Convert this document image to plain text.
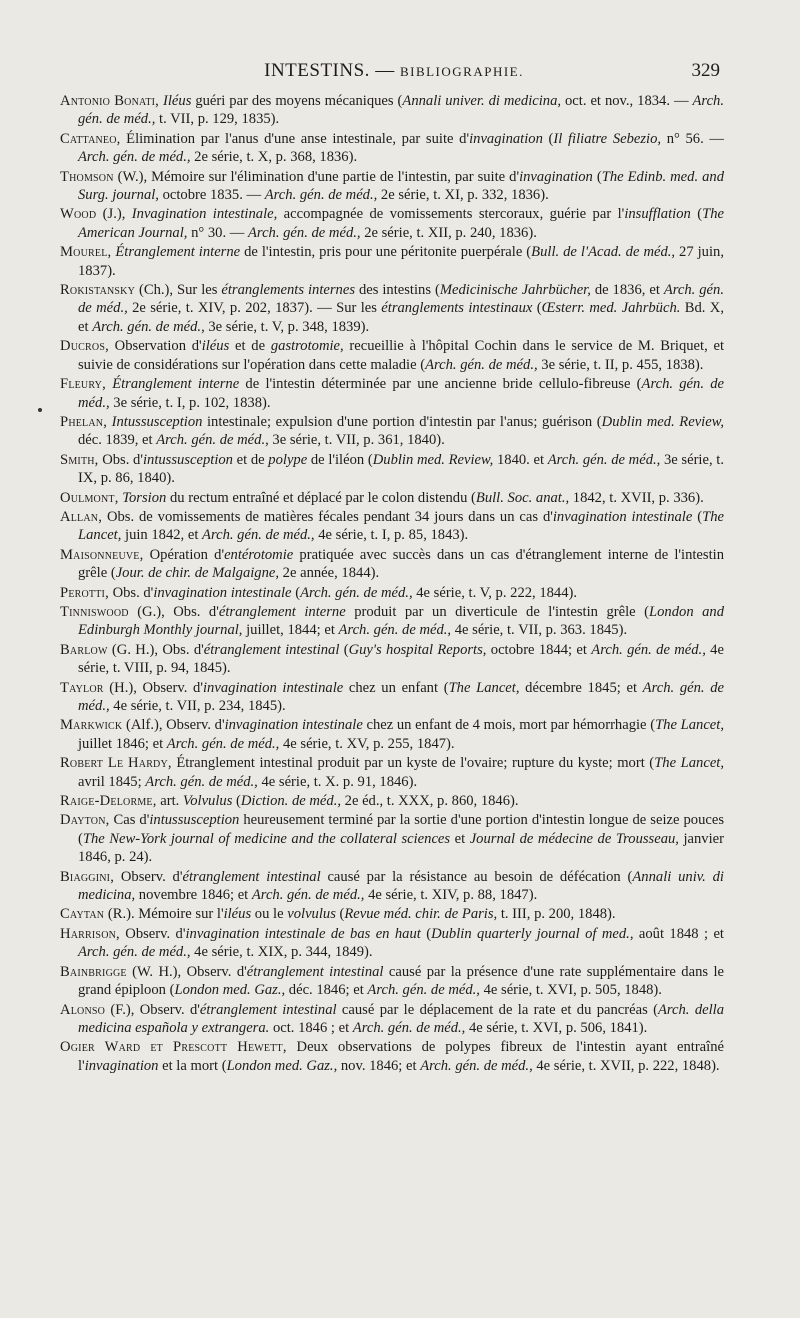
INTESTINS. — BIBLIOGRAPHIE.	329

Antonio Bonati, Iléus guéri par des moyens mécaniques (Annali univer. di medicina, oct. et nov., 1834. — Arch. gén. de méd., t. VII, p. 129, 1835).

Cattaneo, Élimination par l'anus d'une anse intestinale, par suite d'invagination (Il filiatre Sebezio, n° 56. — Arch. gén. de méd., 2e série, t. X, p. 368, 1836).

Thomson (W.), Mémoire sur l'élimination d'une partie de l'intestin, par suite d'invagination (The Edinb. med. and Surg. journal, octobre 1835. — Arch. gén. de méd., 2e série, t. XI, p. 332, 1836).

Wood (J.), Invagination intestinale, accompagnée de vomissements stercoraux, guérie par l'insufflation (The American Journal, n° 30. — Arch. gén. de méd., 2e série, t. XII, p. 240, 1836).

Mourel, Étranglement interne de l'intestin, pris pour une péritonite puerpérale (Bull. de l'Acad. de méd., 27 juin, 1837).

Rokistansky (Ch.), Sur les étranglements internes des intestins (Medicinische Jahrbücher, de 1836, et Arch. gén. de méd., 2e série, t. XIV, p. 202, 1837). — Sur les étranglements intestinaux (Œsterr. med. Jahrbüch. Bd. X, et Arch. gén. de méd., 3e série, t. V, p. 348, 1839).

Ducros, Observation d'iléus et de gastrotomie, recueillie à l'hôpital Cochin dans le service de M. Briquet, et suivie de considérations sur l'opération dans cette maladie (Arch. gén. de méd., 3e série, t. II, p. 455, 1838).

Fleury, Étranglement interne de l'intestin déterminée par une ancienne bride cellulo-fibreuse (Arch. gén. de méd., 3e série, t. I, p. 102, 1838).

Phelan, Intussusception intestinale; expulsion d'une portion d'intestin par l'anus; guérison (Dublin med. Review, déc. 1839, et Arch. gén. de méd., 3e série, t. VII, p. 361, 1840).

Smith, Obs. d'intussusception et de polype de l'iléon (Dublin med. Review, 1840. et Arch. gén. de méd., 3e série, t. IX, p. 86, 1840).

Oulmont, Torsion du rectum entraîné et déplacé par le colon distendu (Bull. Soc. anat., 1842, t. XVII, p. 336).

Allan, Obs. de vomissements de matières fécales pendant 34 jours dans un cas d'invagination intestinale (The Lancet, juin 1842, et Arch. gén. de méd., 4e série, t. I, p. 85, 1843).

Maisonneuve, Opération d'entérotomie pratiquée avec succès dans un cas d'étranglement interne de l'intestin grêle (Jour. de chir. de Malgaigne, 2e année, 1844).

Perotti, Obs. d'invagination intestinale (Arch. gén. de méd., 4e série, t. V, p. 222, 1844).

Tinniswood (G.), Obs. d'étranglement interne produit par un diverticule de l'intestin grêle (London and Edinburgh Monthly journal, juillet, 1844; et Arch. gén. de méd., 4e série, t. VII, p. 363. 1845).

Barlow (G. H.), Obs. d'étranglement intestinal (Guy's hospital Reports, octobre 1844; et Arch. gén. de méd., 4e série, t. VIII, p. 94, 1845).

Taylor (H.), Observ. d'invagination intestinale chez un enfant (The Lancet, décembre 1845; et Arch. gén. de méd., 4e série, t. VII, p. 234, 1845).

Markwick (Alf.), Observ. d'invagination intestinale chez un enfant de 4 mois, mort par hémorrhagie (The Lancet, juillet 1846; et Arch. gén. de méd., 4e série, t. XV, p. 255, 1847).

Robert Le Hardy, Étranglement intestinal produit par un kyste de l'ovaire; rupture du kyste; mort (The Lancet, avril 1845; Arch. gén. de méd., 4e série, t. X. p. 91, 1846).

Raige-Delorme, art. Volvulus (Diction. de méd., 2e éd., t. XXX, p. 860, 1846).

Dayton, Cas d'intussusception heureusement terminé par la sortie d'une portion d'intestin longue de seize pouces (The New-York journal of medicine and the collateral sciences et Journal de médecine de Trousseau, janvier 1846, p. 24).

Biaggini, Observ. d'étranglement intestinal causé par la résistance au besoin de défécation (Annali univ. di medicina, novembre 1846; et Arch. gén. de méd., 4e série, t. XIV, p. 88, 1847).

Caytan (R.). Mémoire sur l'iléus ou le volvulus (Revue méd. chir. de Paris, t. III, p. 200, 1848).

Harrison, Observ. d'invagination intestinale de bas en haut (Dublin quarterly journal of med., août 1848 ; et Arch. gén. de méd., 4e série, t. XIX, p. 344, 1849).

Bainbrigge (W. H.), Observ. d'étranglement intestinal causé par la présence d'une rate supplémentaire dans le grand épiploon (London med. Gaz., déc. 1846; et Arch. gén. de méd., 4e série, t. XVI, p. 505, 1848).

Alonso (F.), Observ. d'étranglement intestinal causé par le déplacement de la rate et du pancréas (Arch. della medicina española y extrangera. oct. 1846 ; et Arch. gén. de méd., 4e série, t. XVI, p. 506, 1841).

Ogier Ward et Prescott Hewett, Deux observations de polypes fibreux de l'intestin ayant entraîné l'invagination et la mort (London med. Gaz., nov. 1846; et Arch. gén. de méd., 4e série, t. XVII, p. 222, 1848).
